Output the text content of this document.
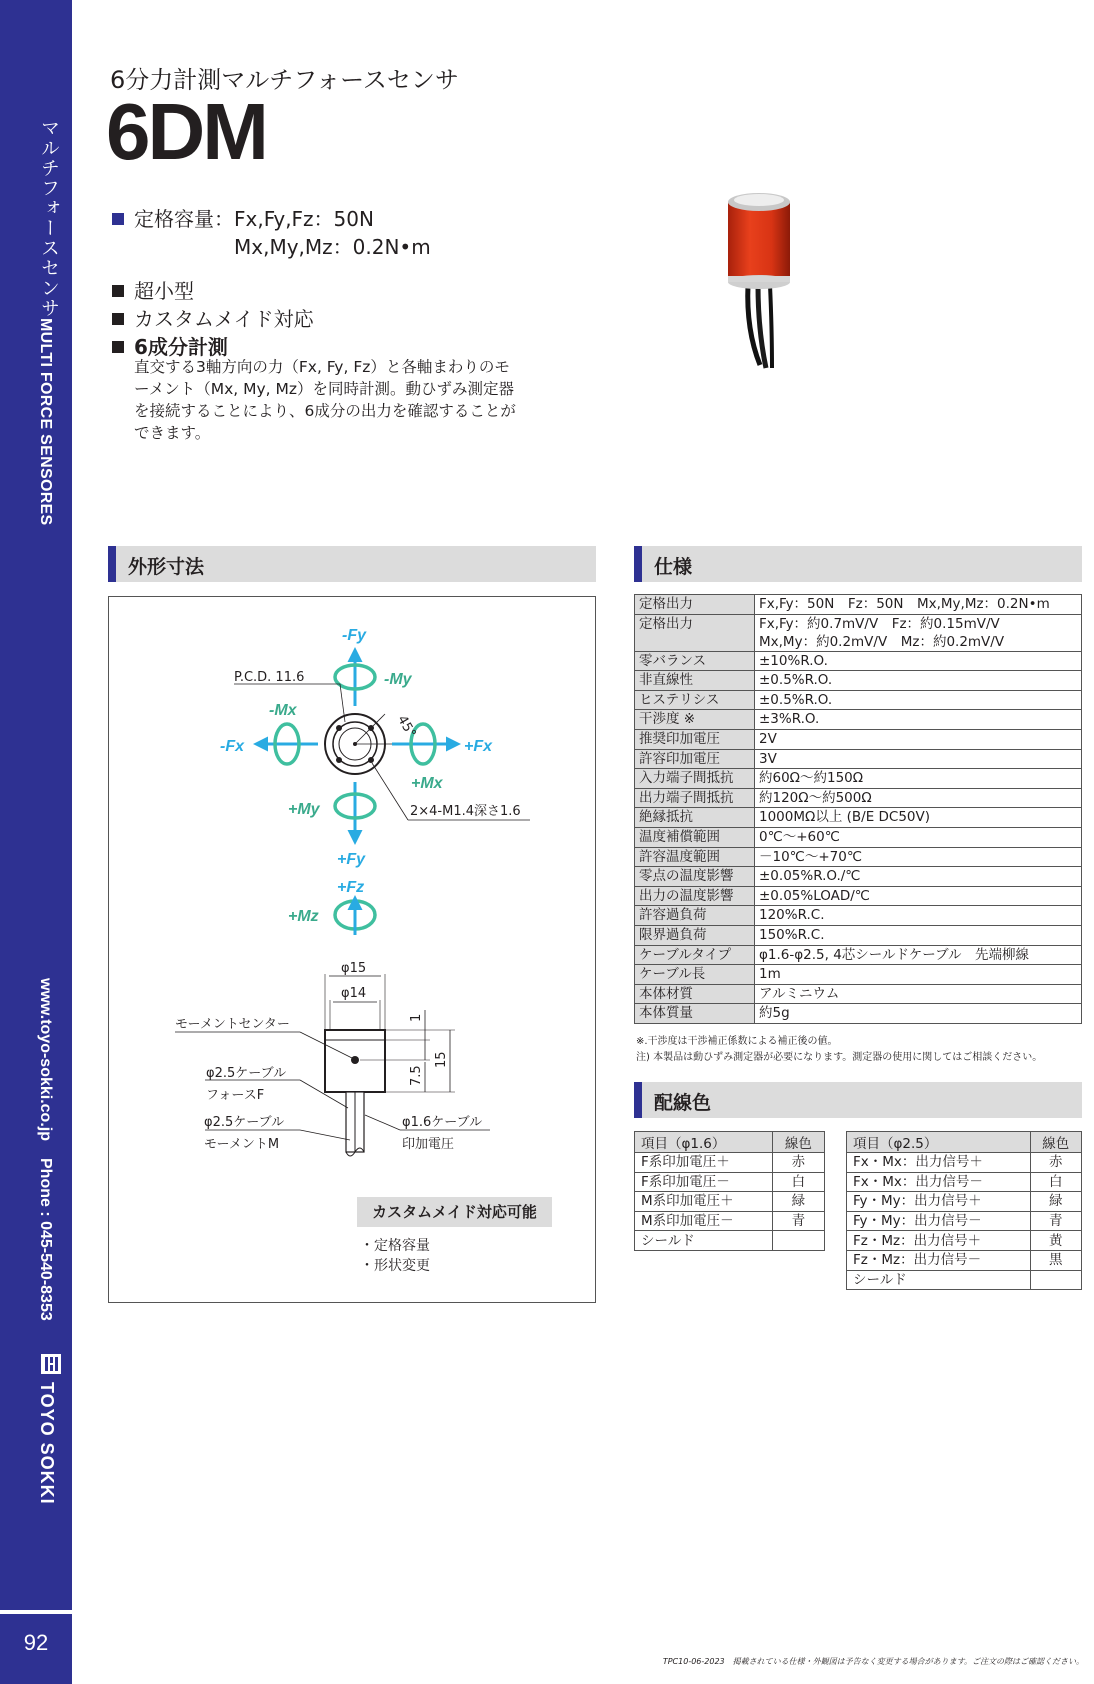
マルチフォースセンサ
MULTI FORCE SENSORES
www.toyo-sokki.co.jp
Phone : 045-540-8353
TOYO SOKKI
92
6分力計測マルチフォースセンサ
6DM
定格容量：Fx,Fy,Fz：50N
Mx,My,Mz：0.2N•m
超小型
カスタムメイド対応
6成分計測
直交する3軸方向の力（Fx, Fy, Fz）と各軸まわりのモーメント（Mx, My, Mz）を同時計測。動ひずみ測定器を接続することにより、6成分の出力を確認することができます。
外形寸法	仕様
配線色
-Fy
+Fy
-Fx	+Fx
-My
+My
-Mx
+Mx
+Fz
+Mz
P.C.D. 11.6
45°
2×4-M1.4深さ1.6
φ15
φ14
モーメントセンター	1
7.5
15
φ2.5ケーブル
フォースF
φ2.5ケーブル
モーメントM
φ1.6ケーブル
印加電圧
カスタムメイド対応可能
・定格容量
・形状変更
定格出力	Fx,Fy：50N　Fz：50N　Mx,My,Mz：0.2N•m
定格出力	Fx,Fy：約0.7mV/V　Fz：約0.15mV/V
Mx,My：約0.2mV/V　Mz：約0.2mV/V

零バランス	±10%R.O.
非直線性	±0.5%R.O.
ヒステリシス	±0.5%R.O.
干渉度 ※	±3%R.O.
推奨印加電圧	2V
許容印加電圧	3V
入力端子間抵抗	約60Ω～約150Ω
出力端子間抵抗	約120Ω～約500Ω
絶縁抵抗	1000MΩ以上 (B/E DC50V)
温度補償範囲	0℃～+60℃
許容温度範囲	－10℃～+70℃
零点の温度影響	±0.05%R.O./℃
出力の温度影響	±0.05%LOAD/℃
許容過負荷	120%R.C.
限界過負荷	150%R.C.
ケーブルタイプ	φ1.6-φ2.5, 4芯シールドケーブル　先端柳線
ケーブル長	1m
本体材質	アルミニウム
本体質量	約5g
※.干渉度は干渉補正係数による補正後の値。
注) 本製品は動ひずみ測定器が必要になります。測定器の使用に関してはご相談ください。
項目（φ1.6）	線色
F系印加電圧＋	赤
F系印加電圧－	白
M系印加電圧＋	緑
M系印加電圧－	青
シールド	
項目（φ2.5）	線色
Fx・Mx：出力信号＋	赤
Fx・Mx：出力信号－	白
Fy・My：出力信号＋	緑
Fy・My：出力信号－	青
Fz・Mz：出力信号＋	黄
Fz・Mz：出力信号－	黒
シールド	
TPC10-06-2023　掲載されている仕様・外観図は予告なく変更する場合があります。ご注文の際はご確認ください。
